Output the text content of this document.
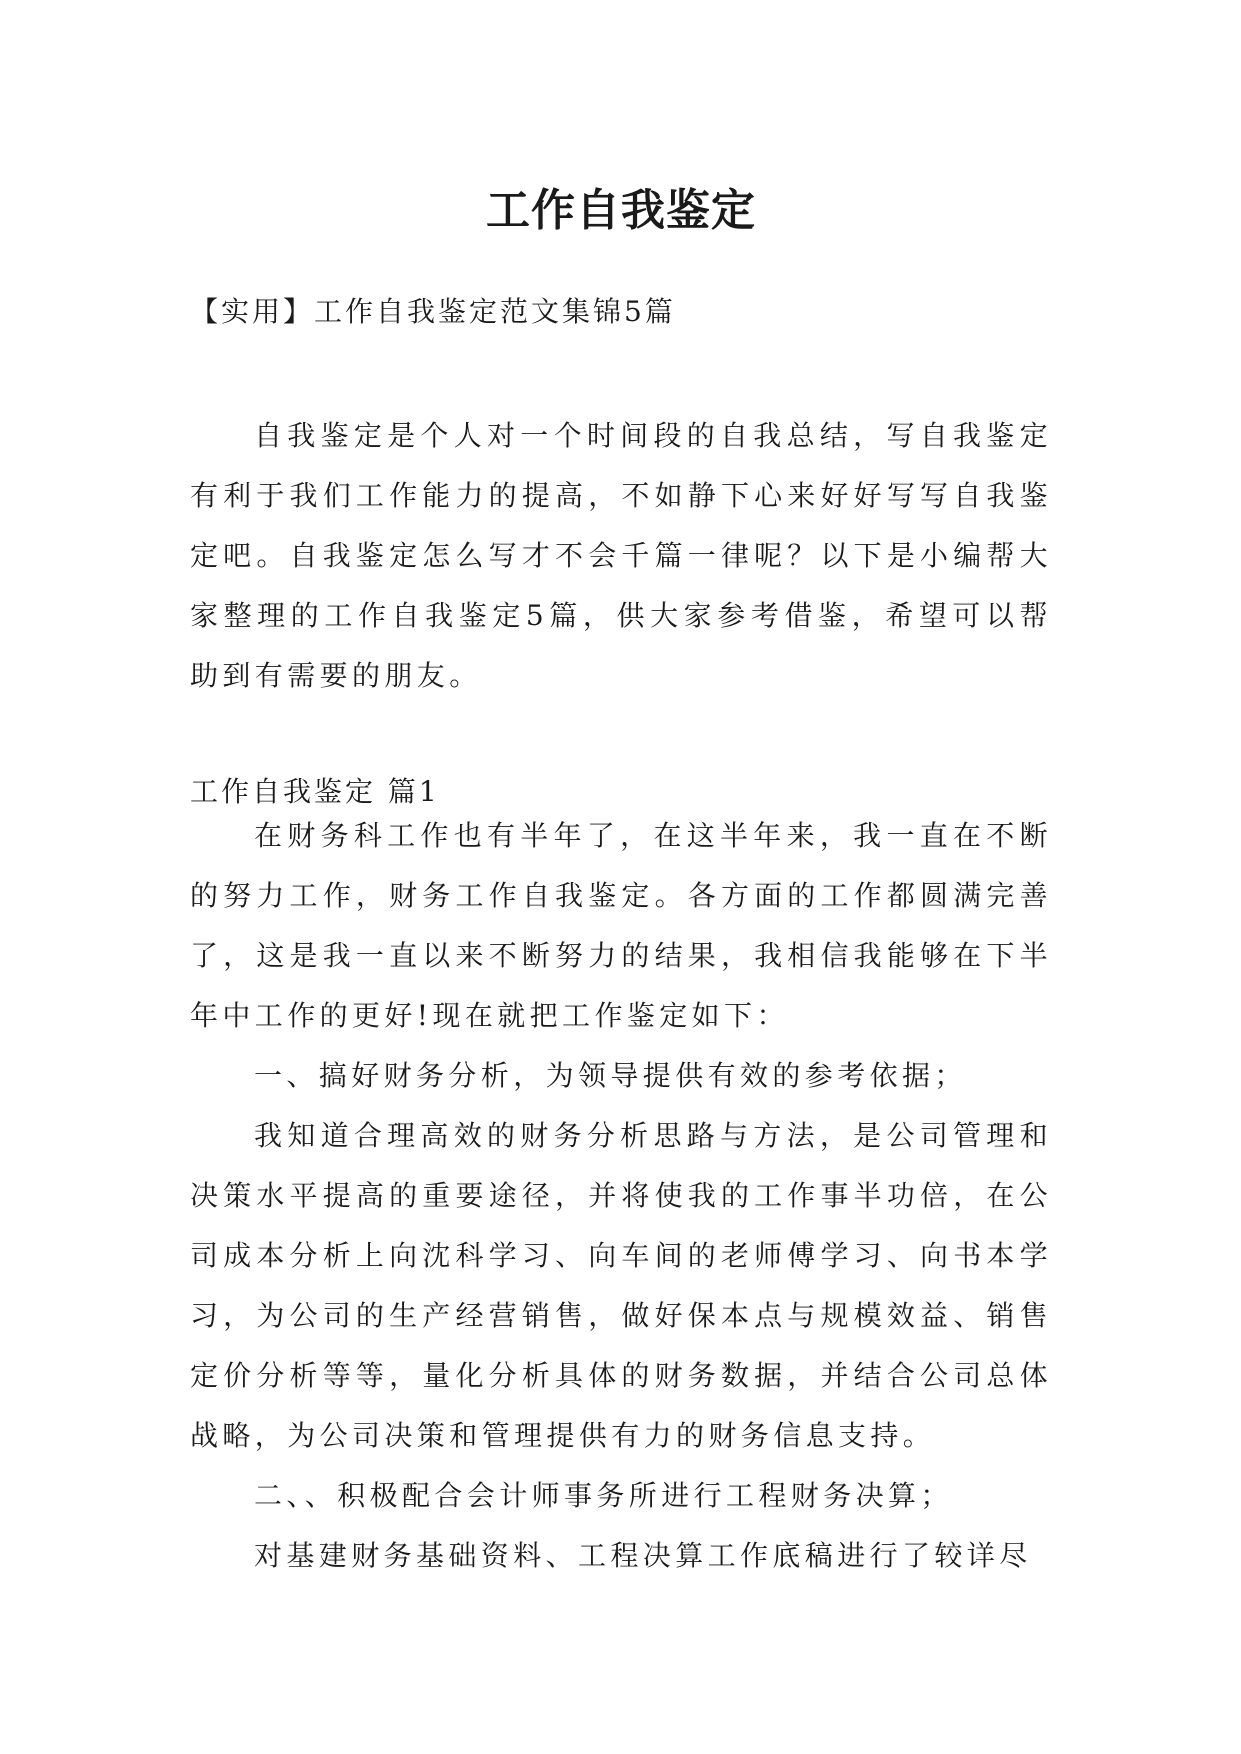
工作自我鉴定
【实用】工作自我鉴定范文集锦5篇

自我鉴定是个人对一个时间段的自我总结，写自我鉴定有利于我们工作能力的提高，不如静下心来好好写写自我鉴定吧。自我鉴定怎么写才不会千篇一律呢？以下是小编帮大家整理的工作自我鉴定5篇，供大家参考借鉴，希望可以帮助到有需要的朋友。

工作自我鉴定 篇1

在财务科工作也有半年了，在这半年来，我一直在不断的努力工作，财务工作自我鉴定。各方面的工作都圆满完善了，这是我一直以来不断努力的结果，我相信我能够在下半年中工作的更好!现在就把工作鉴定如下：

一、搞好财务分析，为领导提供有效的参考依据；

我知道合理高效的财务分析思路与方法，是公司管理和决策水平提高的重要途径，并将使我的工作事半功倍，在公司成本分析上向沈科学习、向车间的老师傅学习、向书本学习，为公司的生产经营销售，做好保本点与规模效益、销售定价分析等等，量化分析具体的财务数据，并结合公司总体战略，为公司决策和管理提供有力的财务信息支持。

二、、积极配合会计师事务所进行工程财务决算；

对基建财务基础资料、工程决算工作底稿进行了较详尽
